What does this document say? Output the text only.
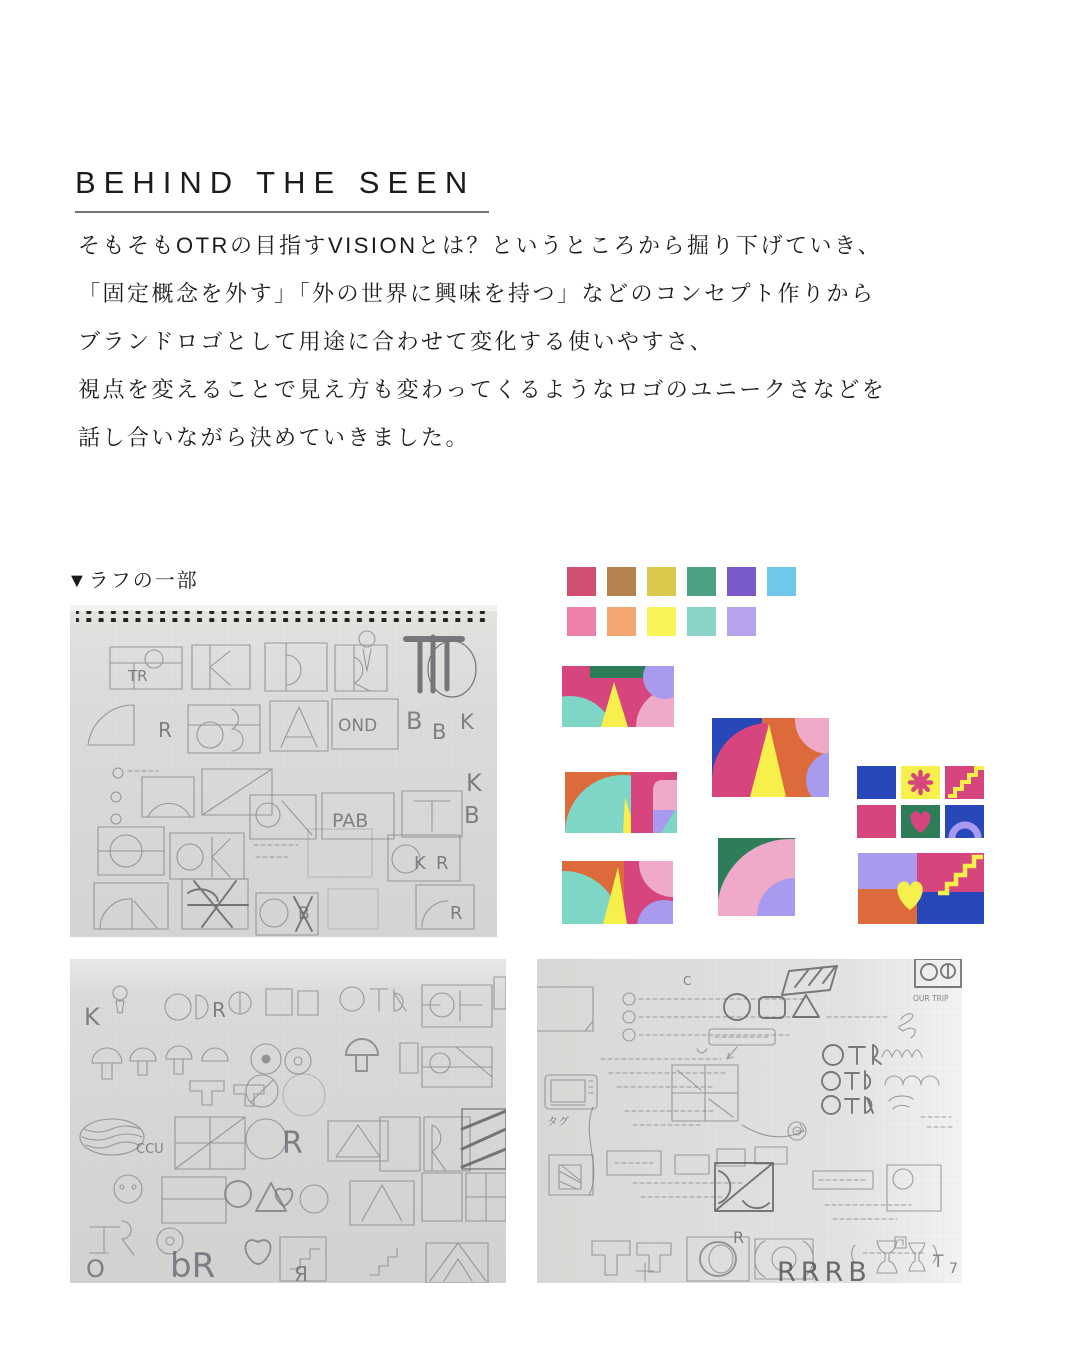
BEHIND THE SEEN
そもそもOTRの目指すVISIONとは？というところから掘り下げていき、
「固定概念を外す」「外の世界に興味を持つ」などのコンセプト作りから
ブランドロゴとして用途に合わせて変化する使いやすさ、
視点を変えることで見え方も変わってくるようなロゴのユニークさなどを
話し合いながら決めていきました。
▼ラフの一部
TR
B B K
R	OND
PAB
K
B
K R
B	R
K	R
CCU	R
O bR	Я
OUR TRIP
C
タグ
R
RRRB	T 7
